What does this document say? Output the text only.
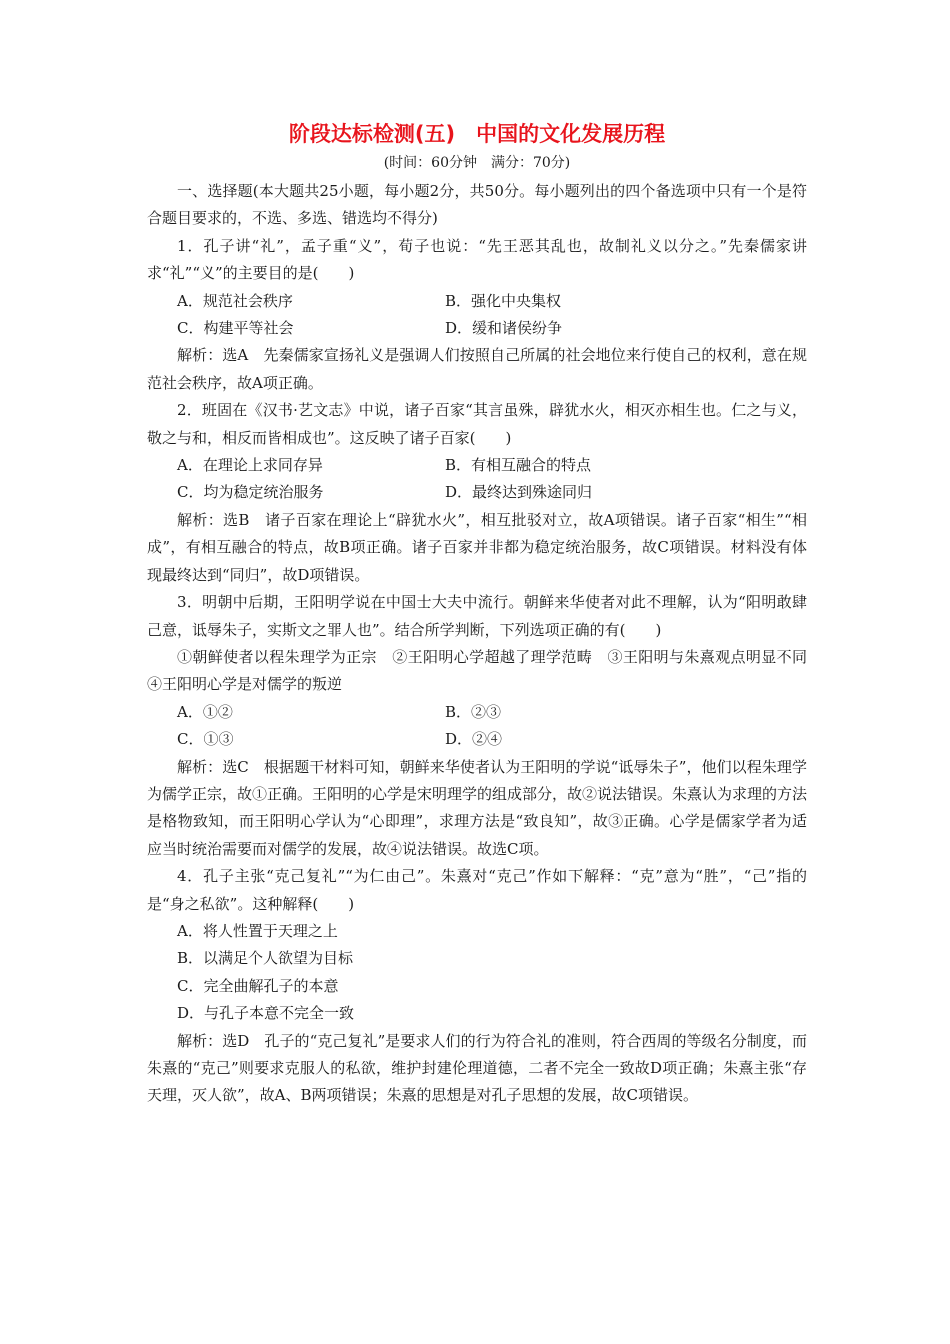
阶段达标检测(五)　中国的文化发展历程
(时间：60分钟　满分：70分)

一、选择题(本大题共25小题，每小题2分，共50分。每小题列出的四个备选项中只有一个是符合题目要求的，不选、多选、错选均不得分)

1．孔子讲“礼”，孟子重“义”，荀子也说：“先王恶其乱也，故制礼义以分之。”先秦儒家讲求“礼”“义”的主要目的是(　　)

A．规范社会秩序	B．强化中央集权
C．构建平等社会	D．缓和诸侯纷争

解析：选A　先秦儒家宣扬礼义是强调人们按照自己所属的社会地位来行使自己的权利，意在规范社会秩序，故A项正确。

2．班固在《汉书·艺文志》中说，诸子百家“其言虽殊，辟犹水火，相灭亦相生也。仁之与义，敬之与和，相反而皆相成也”。这反映了诸子百家(　　)

A．在理论上求同存异	B．有相互融合的特点
C．均为稳定统治服务	D．最终达到殊途同归

解析：选B　诸子百家在理论上“辟犹水火”，相互批驳对立，故A项错误。诸子百家“相生”“相成”，有相互融合的特点，故B项正确。诸子百家并非都为稳定统治服务，故C项错误。材料没有体现最终达到“同归”，故D项错误。

3．明朝中后期，王阳明学说在中国士大夫中流行。朝鲜来华使者对此不理解，认为“阳明敢肆己意，诋辱朱子，实斯文之罪人也”。结合所学判断，下列选项正确的有(　　)

①朝鲜使者以程朱理学为正宗　②王阳明心学超越了理学范畴　③王阳明与朱熹观点明显不同　④王阳明心学是对儒学的叛逆

A．①②	B．②③
C．①③	D．②④

解析：选C　根据题干材料可知，朝鲜来华使者认为王阳明的学说“诋辱朱子”，他们以程朱理学为儒学正宗，故①正确。王阳明的心学是宋明理学的组成部分，故②说法错误。朱熹认为求理的方法是格物致知，而王阳明心学认为“心即理”，求理方法是“致良知”，故③正确。心学是儒家学者为适应当时统治需要而对儒学的发展，故④说法错误。故选C项。

4．孔子主张“克己复礼”“为仁由己”。朱熹对“克己”作如下解释：“克”意为“胜”，“己”指的是“身之私欲”。这种解释(　　)

A．将人性置于天理之上
B．以满足个人欲望为目标
C．完全曲解孔子的本意
D．与孔子本意不完全一致

解析：选D　孔子的“克己复礼”是要求人们的行为符合礼的准则，符合西周的等级名分制度，而朱熹的“克己”则要求克服人的私欲，维护封建伦理道德，二者不完全一致故D项正确；朱熹主张“存天理，灭人欲”，故A、B两项错误；朱熹的思想是对孔子思想的发展，故C项错误。
